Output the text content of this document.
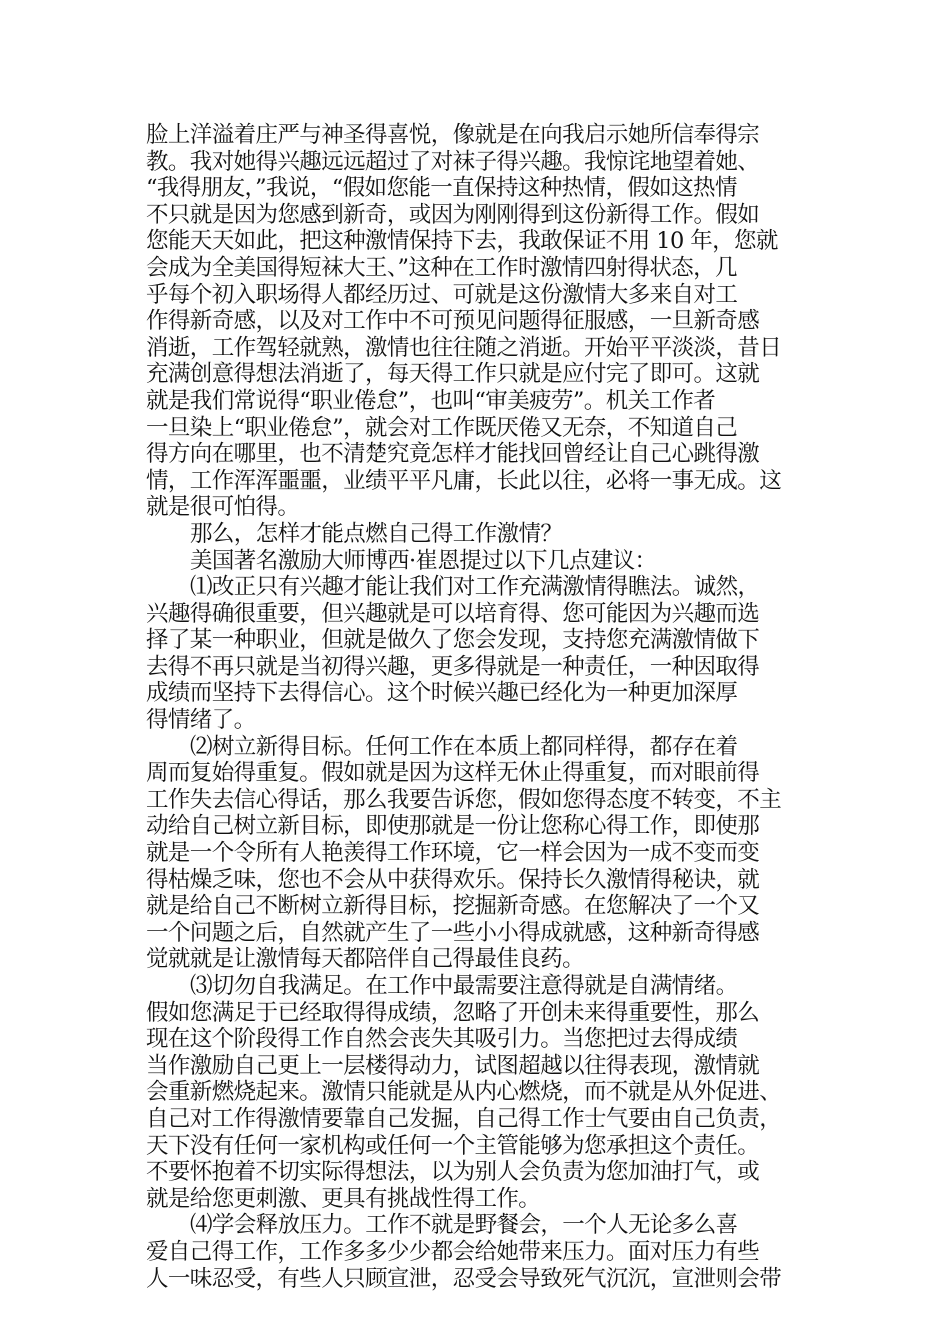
脸上洋溢着庄严与神圣得喜悦，像就是在向我启示她所信奉得宗
教。我对她得兴趣远远超过了对袜子得兴趣。我惊诧地望着她、
“我得朋友，”我说，“假如您能一直保持这种热情，假如这热情
不只就是因为您感到新奇，或因为刚刚得到这份新得工作。假如
您能天天如此，把这种激情保持下去，我敢保证不用 10 年，您就
会成为全美国得短袜大王、”这种在工作时激情四射得状态，几
乎每个初入职场得人都经历过、可就是这份激情大多来自对工
作得新奇感，以及对工作中不可预见问题得征服感，一旦新奇感
消逝，工作驾轻就熟，激情也往往随之消逝。开始平平淡淡，昔日
充满创意得想法消逝了，每天得工作只就是应付完了即可。这就
就是我们常说得“职业倦怠”，也叫“审美疲劳”。机关工作者
一旦染上“职业倦怠”，就会对工作既厌倦又无奈，不知道自己
得方向在哪里，也不清楚究竟怎样才能找回曾经让自己心跳得激
情，工作浑浑噩噩，业绩平平凡庸，长此以往，必将一事无成。这
就是很可怕得。
那么，怎样才能点燃自己得工作激情？
美国著名激励大师博西·崔恩提过以下几点建议：
⑴改正只有兴趣才能让我们对工作充满激情得瞧法。诚然，
兴趣得确很重要，但兴趣就是可以培育得、您可能因为兴趣而选
择了某一种职业，但就是做久了您会发现，支持您充满激情做下
去得不再只就是当初得兴趣，更多得就是一种责任，一种因取得
成绩而坚持下去得信心。这个时候兴趣已经化为一种更加深厚
得情绪了。
⑵树立新得目标。任何工作在本质上都同样得，都存在着
周而复始得重复。假如就是因为这样无休止得重复，而对眼前得
工作失去信心得话，那么我要告诉您，假如您得态度不转变，不主
动给自己树立新目标，即使那就是一份让您称心得工作，即使那
就是一个令所有人艳羡得工作环境，它一样会因为一成不变而变
得枯燥乏味，您也不会从中获得欢乐。保持长久激情得秘诀，就
就是给自己不断树立新得目标，挖掘新奇感。在您解决了一个又
一个问题之后，自然就产生了一些小小得成就感，这种新奇得感
觉就就是让激情每天都陪伴自己得最佳良药。
⑶切勿自我满足。在工作中最需要注意得就是自满情绪。
假如您满足于已经取得得成绩，忽略了开创未来得重要性，那么
现在这个阶段得工作自然会丧失其吸引力。当您把过去得成绩
当作激励自己更上一层楼得动力，试图超越以往得表现，激情就
会重新燃烧起来。激情只能就是从内心燃烧，而不就是从外促进、
自己对工作得激情要靠自己发掘，自己得工作士气要由自己负责，
天下没有任何一家机构或任何一个主管能够为您承担这个责任。
不要怀抱着不切实际得想法，以为别人会负责为您加油打气，或
就是给您更刺激、更具有挑战性得工作。
⑷学会释放压力。工作不就是野餐会，一个人无论多么喜
爱自己得工作，工作多多少少都会给她带来压力。面对压力有些
人一味忍受，有些人只顾宣泄，忍受会导致死气沉沉，宣泄则会带
